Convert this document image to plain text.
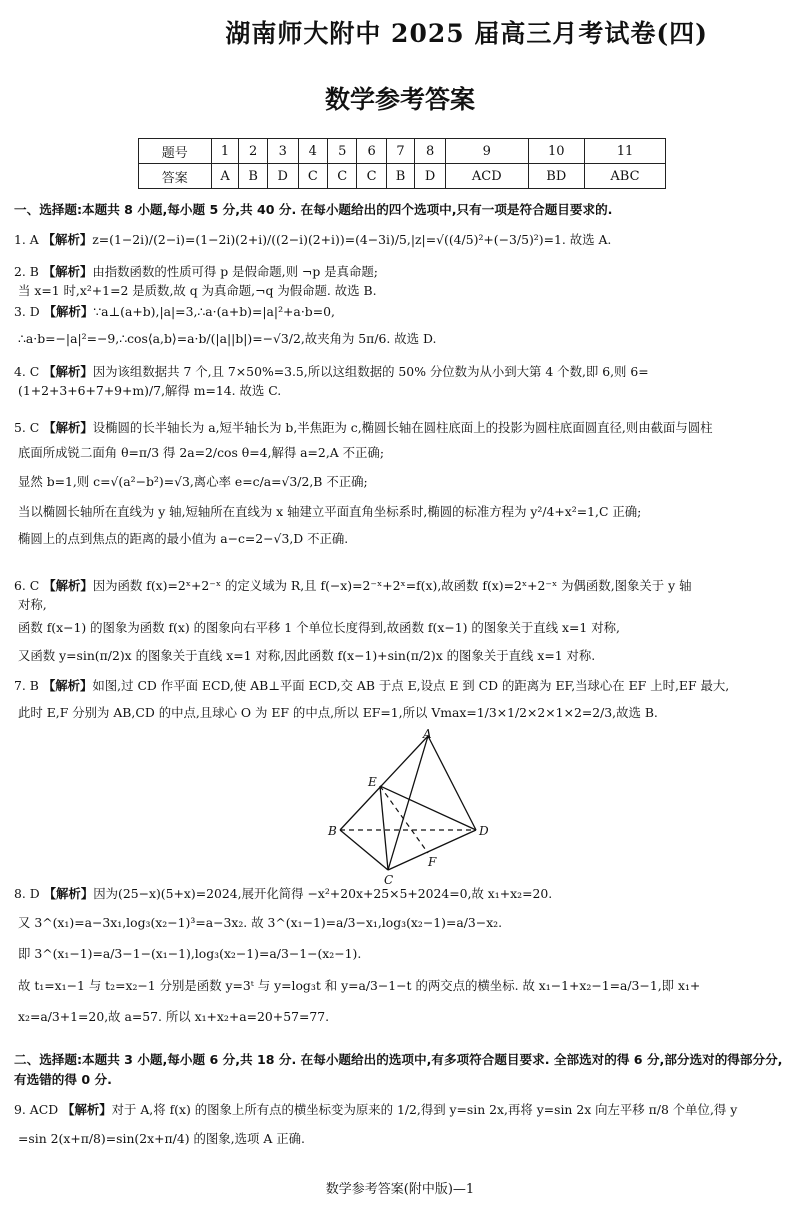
湖南师大附中 2025 届高三月考试卷(四)
数学参考答案
题号	1	2	3	4	5	6	7	8	9	10	11
答案	A	B	D	C	C	C	B	D	ACD	BD	ABC
一、选择题:本题共 8 小题,每小题 5 分,共 40 分. 在每小题给出的四个选项中,只有一项是符合题目要求的.
1. A 【解析】z=(1−2i)/(2−i)=(1−2i)(2+i)/((2−i)(2+i))=(4−3i)/5,|z|=√((4/5)²+(−3/5)²)=1. 故选 A.
2. B 【解析】由指数函数的性质可得 p 是假命题,则 ¬p 是真命题;
当 x=1 时,x²+1=2 是质数,故 q 为真命题,¬q 为假命题. 故选 B.
3. D 【解析】∵a⊥(a+b),|a|=3,∴a·(a+b)=|a|²+a·b=0,
∴a·b=−|a|²=−9,∴cos⟨a,b⟩=a·b/(|a||b|)=−√3/2,故夹角为 5π/6. 故选 D.
4. C 【解析】因为该组数据共 7 个,且 7×50%=3.5,所以这组数据的 50% 分位数为从小到大第 4 个数,即 6,则 6=
(1+2+3+6+7+9+m)/7,解得 m=14. 故选 C.
5. C 【解析】设椭圆的长半轴长为 a,短半轴长为 b,半焦距为 c,椭圆长轴在圆柱底面上的投影为圆柱底面圆直径,则由截面与圆柱
底面所成锐二面角 θ=π/3 得 2a=2/cos θ=4,解得 a=2,A 不正确;
显然 b=1,则 c=√(a²−b²)=√3,离心率 e=c/a=√3/2,B 不正确;
当以椭圆长轴所在直线为 y 轴,短轴所在直线为 x 轴建立平面直角坐标系时,椭圆的标准方程为 y²/4+x²=1,C 正确;
椭圆上的点到焦点的距离的最小值为 a−c=2−√3,D 不正确.
6. C 【解析】因为函数 f(x)=2ˣ+2⁻ˣ 的定义域为 R,且 f(−x)=2⁻ˣ+2ˣ=f(x),故函数 f(x)=2ˣ+2⁻ˣ 为偶函数,图象关于 y 轴
对称,
函数 f(x−1) 的图象为函数 f(x) 的图象向右平移 1 个单位长度得到,故函数 f(x−1) 的图象关于直线 x=1 对称,
又函数 y=sin(π/2)x 的图象关于直线 x=1 对称,因此函数 f(x−1)+sin(π/2)x 的图象关于直线 x=1 对称.
7. B 【解析】如图,过 CD 作平面 ECD,使 AB⊥平面 ECD,交 AB 于点 E,设点 E 到 CD 的距离为 EF,当球心在 EF 上时,EF 最大,
此时 E,F 分别为 AB,CD 的中点,且球心 O 为 EF 的中点,所以 EF=1,所以 Vmax=1/3×1/2×2×1×2=2/3,故选 B.
A
B
C
D
E
F
8. D 【解析】因为(25−x)(5+x)=2024,展开化简得 −x²+20x+25×5+2024=0,故 x₁+x₂=20.
又 3^(x₁)=a−3x₁,log₃(x₂−1)³=a−3x₂. 故 3^(x₁−1)=a/3−x₁,log₃(x₂−1)=a/3−x₂.
即 3^(x₁−1)=a/3−1−(x₁−1),log₃(x₂−1)=a/3−1−(x₂−1).
故 t₁=x₁−1 与 t₂=x₂−1 分别是函数 y=3ᵗ 与 y=log₃t 和 y=a/3−1−t 的两交点的横坐标. 故 x₁−1+x₂−1=a/3−1,即 x₁+
x₂=a/3+1=20,故 a=57. 所以 x₁+x₂+a=20+57=77.
二、选择题:本题共 3 小题,每小题 6 分,共 18 分. 在每小题给出的选项中,有多项符合题目要求. 全部选对的得 6 分,部分选对的得部分分,有选错的得 0 分.
9. ACD 【解析】对于 A,将 f(x) 的图象上所有点的横坐标变为原来的 1/2,得到 y=sin 2x,再将 y=sin 2x 向左平移 π/8 个单位,得 y
=sin 2(x+π/8)=sin(2x+π/4) 的图象,选项 A 正确.
数学参考答案(附中版)—1
